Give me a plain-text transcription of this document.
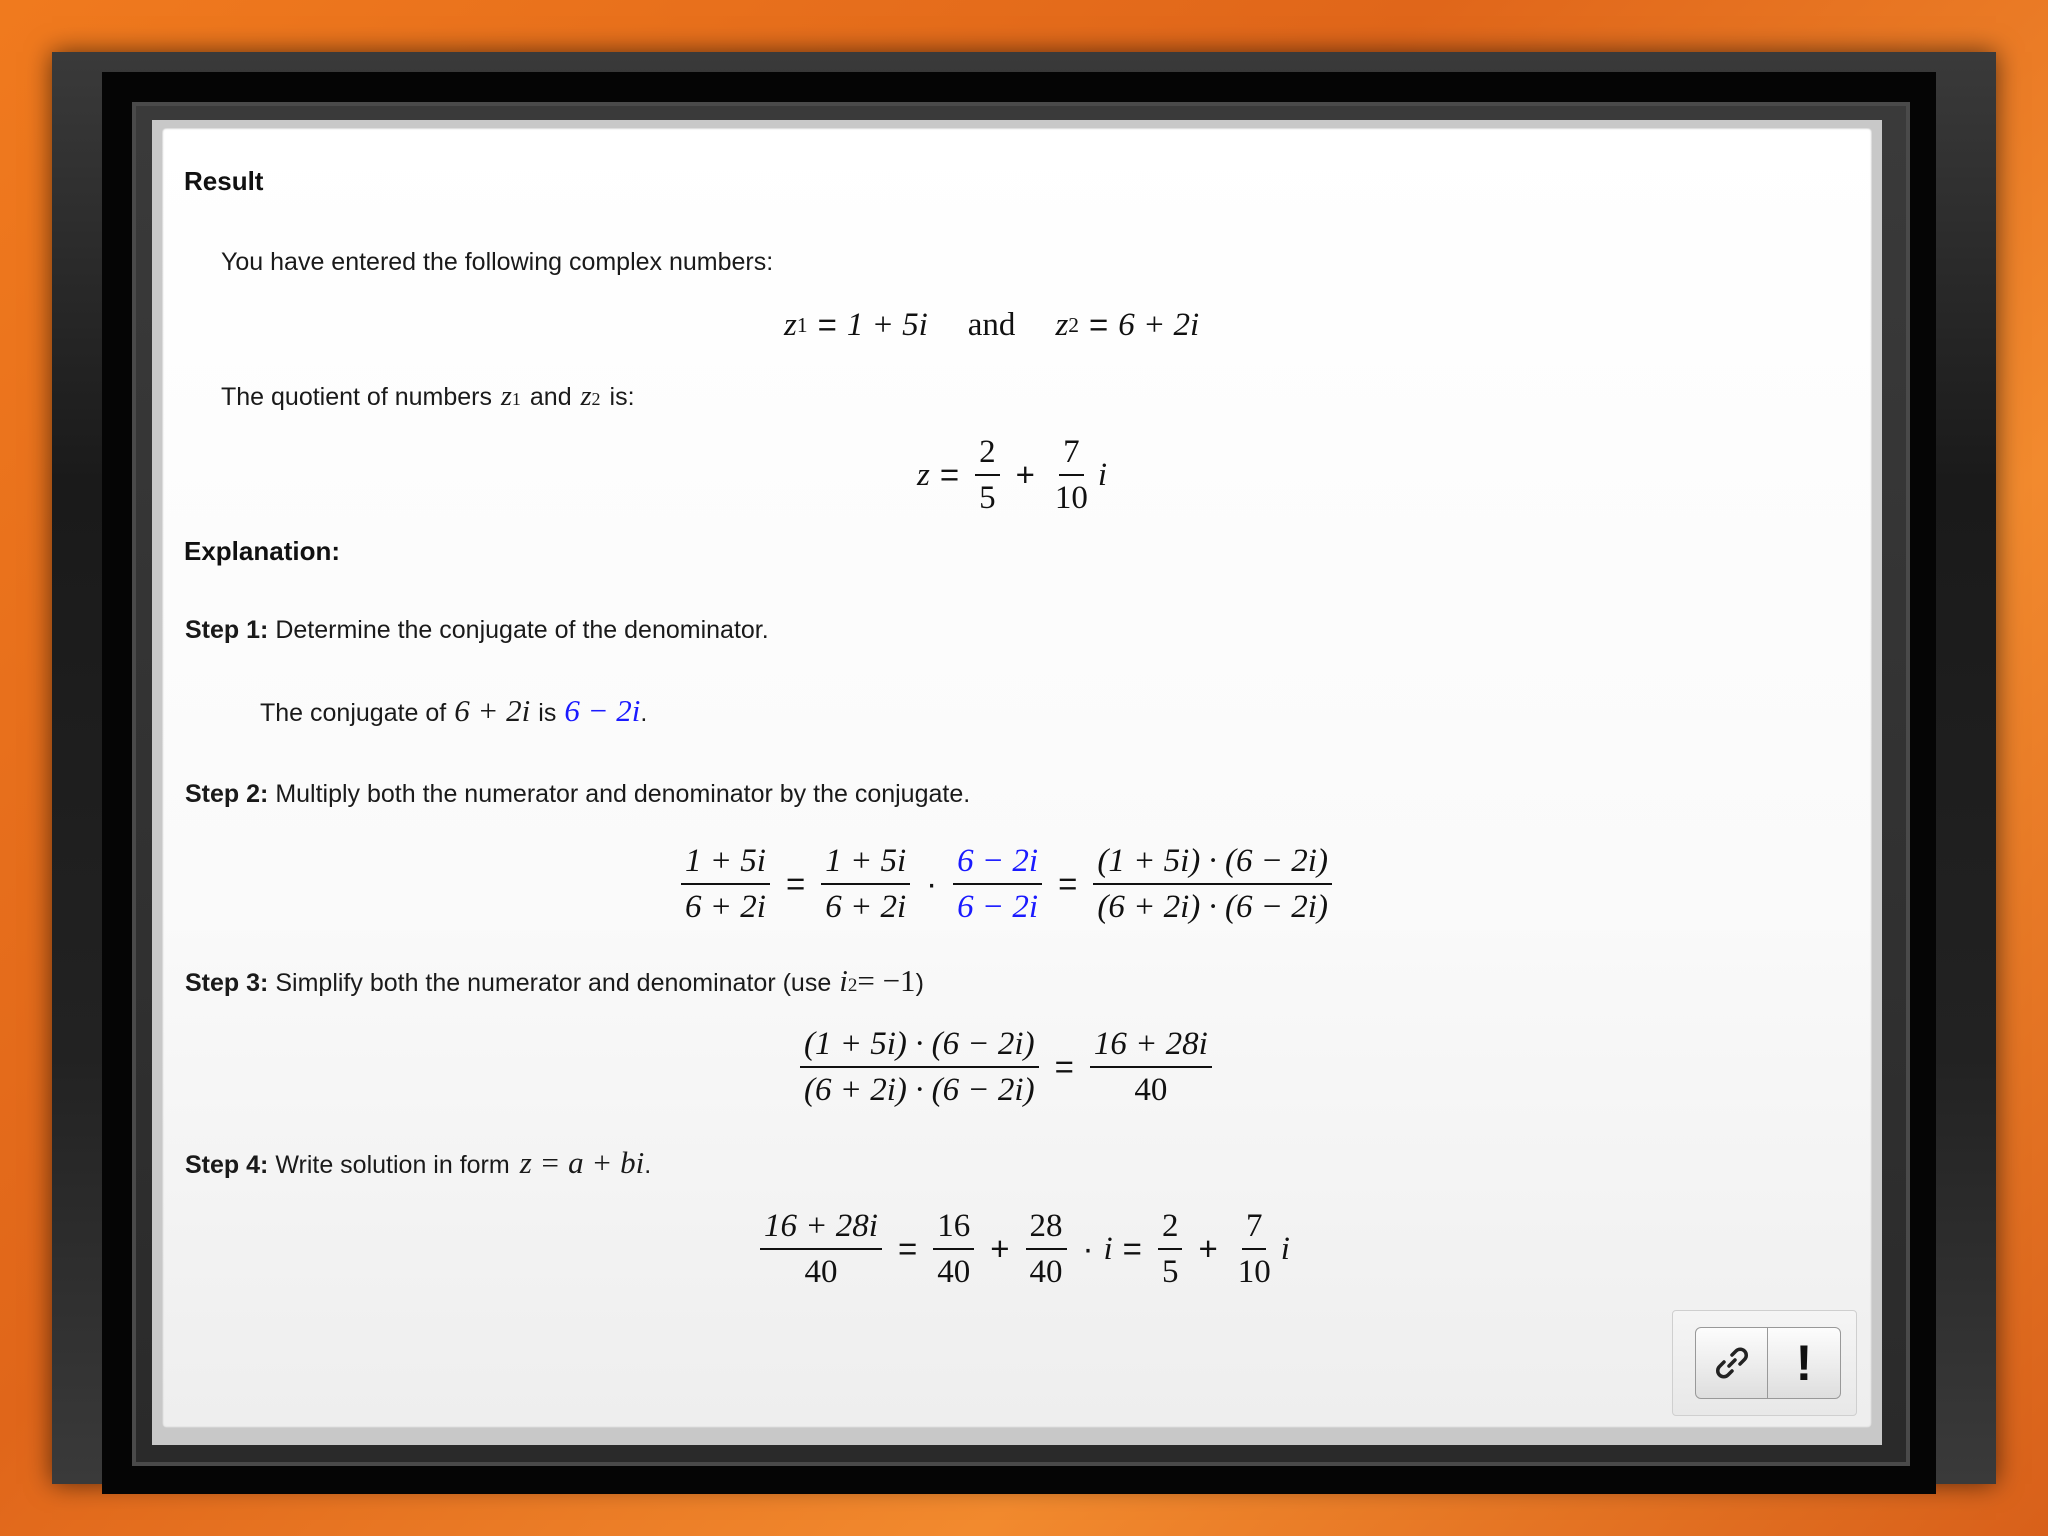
Result
You have entered the following complex numbers:
z 1 = 1 + 5i and z 2 = 6 + 2i
The quotient of numbers z 1 and z 2 is:
$z = \frac{2}{5} + \frac{7}{10}$ i
Explanation:
Step 1: Determine the conjugate of the denominator.
The conjugate of 6 + 2i is 6 − 2i .
Step 2: Multiply both the numerator and denominator by the conjugate.
$\frac{1 + 5i}{6 + 2i} = \frac{1 + 5i}{6 + 2i} \cdot \frac{6 - 2i}{6 - 2i} = \frac{(1 + 5i) \cdot (6 - 2i)}{(6 + 2i) \cdot (6 - 2i)}$
Step 3: Simplify both the numerator and denominator (use $i_2 = -1$ )
$\frac{(1 + 5i) \cdot (6 - 2i)}{(6 + 2i) \cdot (6 - 2i)} = \frac{16 + 28i}{40}$
Step 4: Write solution in form z = a + bi .
$\frac{16 + 28i}{40} = \frac{16}{40} + \frac{28}{40} \cdot i = \frac{2}{5} + \frac{7}{10}$ i
!
